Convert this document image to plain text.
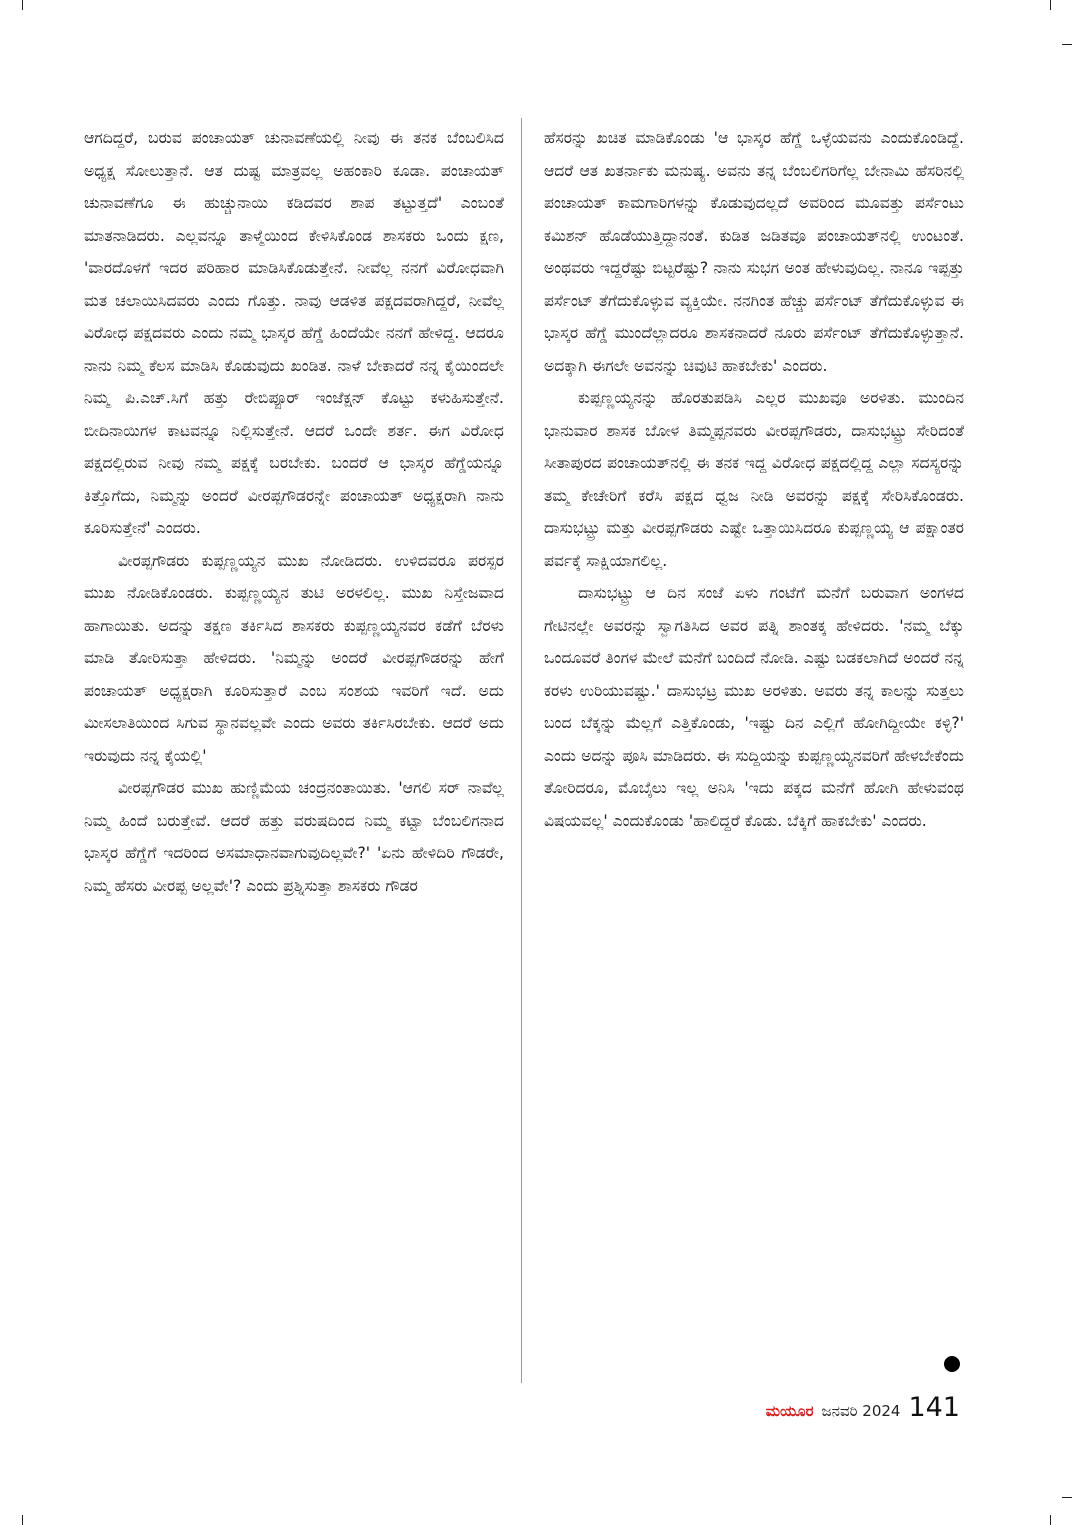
ಆಗದಿದ್ದರೆ, ಬರುವ ಪಂಚಾಯತ್ ಚುನಾವಣೆಯಲ್ಲಿ ನೀವು ಈ ತನಕ ಬೆಂಬಲಿಸಿದ ಅಧ್ಯಕ್ಷ ಸೋಲುತ್ತಾನೆ. ಆತ ದುಷ್ಟ ಮಾತ್ರವಲ್ಲ ಅಹಂಕಾರಿ ಕೂಡಾ. ಪಂಚಾಯತ್ ಚುನಾವಣೆಗೂ ಈ ಹುಚ್ಚುನಾಯಿ ಕಡಿದವರ ಶಾಪ ತಟ್ಟುತ್ತದೆ' ಎಂಬಂತೆ ಮಾತನಾಡಿದರು. ಎಲ್ಲವನ್ನೂ ತಾಳ್ಮೆಯಿಂದ ಕೇಳಿಸಿಕೊಂಡ ಶಾಸಕರು ಒಂದು ಕ್ಷಣ, 'ವಾರದೊಳಗೆ ಇದರ ಪರಿಹಾರ ಮಾಡಿಸಿಕೊಡುತ್ತೇನೆ. ನೀವೆಲ್ಲ ನನಗೆ ವಿರೋಧವಾಗಿ ಮತ ಚಲಾಯಿಸಿದವರು ಎಂದು ಗೊತ್ತು. ನಾವು ಆಡಳಿತ ಪಕ್ಷದವರಾಗಿದ್ದರೆ, ನೀವೆಲ್ಲ ವಿರೋಧ ಪಕ್ಷದವರು ಎಂದು ನಮ್ಮ ಭಾಸ್ಕರ ಹೆಗ್ಡೆ ಹಿಂದೆಯೇ ನನಗೆ ಹೇಳಿದ್ದ. ಆದರೂ ನಾನು ನಿಮ್ಮ ಕೆಲಸ ಮಾಡಿಸಿ ಕೊಡುವುದು ಖಂಡಿತ. ನಾಳೆ ಬೇಕಾದರೆ ನನ್ನ ಕೈಯಿಂದಲೇ ನಿಮ್ಮ ಪಿ.ಎಚ್.ಸಿಗೆ ಹತ್ತು ರೇಬಿಪ್ಪೂರ್ ಇಂಜೆಕ್ಷನ್ ಕೊಟ್ಟು ಕಳುಹಿಸುತ್ತೇನೆ. ಬೀದಿನಾಯಿಗಳ ಕಾಟವನ್ನೂ ನಿಲ್ಲಿಸುತ್ತೇನೆ. ಆದರೆ ಒಂದೇ ಶರ್ತ. ಈಗ ವಿರೋಧ ಪಕ್ಷದಲ್ಲಿರುವ ನೀವು ನಮ್ಮ ಪಕ್ಷಕ್ಕೆ ಬರಬೇಕು. ಬಂದರೆ ಆ ಭಾಸ್ಕರ ಹೆಗ್ಡೆಯನ್ನೂ ಕಿತ್ತೊಗೆದು, ನಿಮ್ಮನ್ನು ಅಂದರೆ ವೀರಪ್ಪಗೌಡರನ್ನೇ ಪಂಚಾಯತ್ ಅಧ್ಯಕ್ಷರಾಗಿ ನಾನು ಕೂರಿಸುತ್ತೇನೆ' ಎಂದರು.

ವೀರಪ್ಪಗೌಡರು ಕುಪ್ಪಣ್ಣಯ್ಯನ ಮುಖ ನೋಡಿದರು. ಉಳಿದವರೂ ಪರಸ್ಪರ ಮುಖ ನೋಡಿಕೊಂಡರು. ಕುಪ್ಪಣ್ಣಯ್ಯನ ತುಟಿ ಅರಳಲಿಲ್ಲ. ಮುಖ ನಿಸ್ತೇಜವಾದ ಹಾಗಾಯಿತು. ಅದನ್ನು ತಕ್ಷಣ ತರ್ಕಿಸಿದ ಶಾಸಕರು ಕುಪ್ಪಣ್ಣಯ್ಯನವರ ಕಡೆಗೆ ಬೆರಳು ಮಾಡಿ ತೋರಿಸುತ್ತಾ ಹೇಳಿದರು. 'ನಿಮ್ಮನ್ನು ಅಂದರೆ ವೀರಪ್ಪಗೌಡರನ್ನು ಹೇಗೆ ಪಂಚಾಯತ್ ಅಧ್ಯಕ್ಷರಾಗಿ ಕೂರಿಸುತ್ತಾರೆ ಎಂಬ ಸಂಶಯ ಇವರಿಗೆ ಇದೆ. ಅದು ಮೀಸಲಾತಿಯಿಂದ ಸಿಗುವ ಸ್ಥಾನವಲ್ಲವೇ ಎಂದು ಅವರು ತರ್ಕಿಸಿರಬೇಕು. ಆದರೆ ಅದು ಇರುವುದು ನನ್ನ ಕೈಯಲ್ಲಿ'

ವೀರಪ್ಪಗೌಡರ ಮುಖ ಹುಣ್ಣಿಮೆಯ ಚಂದ್ರನಂತಾಯಿತು. 'ಆಗಲಿ ಸರ್ ನಾವೆಲ್ಲ ನಿಮ್ಮ ಹಿಂದೆ ಬರುತ್ತೇವೆ. ಆದರೆ ಹತ್ತು ವರುಷದಿಂದ ನಿಮ್ಮ ಕಟ್ಟಾ ಬೆಂಬಲಿಗನಾದ ಭಾಸ್ಕರ ಹೆಗ್ಡೆಗೆ ಇದರಿಂದ ಅಸಮಾಧಾನವಾಗುವುದಿಲ್ಲವೇ?' 'ಏನು ಹೇಳಿದಿರಿ ಗೌಡರೇ, ನಿಮ್ಮ ಹೆಸರು ವೀರಪ್ಪ ಅಲ್ಲವೇ'? ಎಂದು ಪ್ರಶ್ನಿಸುತ್ತಾ ಶಾಸಕರು ಗೌಡರ

ಹೆಸರನ್ನು ಖಚಿತ ಮಾಡಿಕೊಂಡು 'ಆ ಭಾಸ್ಕರ ಹೆಗ್ಡೆ ಒಳ್ಳೆಯವನು ಎಂದುಕೊಂಡಿದ್ದೆ. ಆದರೆ ಆತ ಖತರ್ನಾಕು ಮನುಷ್ಯ. ಅವನು ತನ್ನ ಬೆಂಬಲಿಗರಿಗೆಲ್ಲ ಬೇನಾಮಿ ಹೆಸರಿನಲ್ಲಿ ಪಂಚಾಯತ್ ಕಾಮಗಾರಿಗಳನ್ನು ಕೊಡುವುದಲ್ಲದೆ ಅವರಿಂದ ಮೂವತ್ತು ಪರ್ಸೆಂಟು ಕಮಿಶನ್ ಹೊಡೆಯುತ್ತಿದ್ದಾನಂತೆ. ಕುಡಿತ ಜಡಿತವೂ ಪಂಚಾಯತ್‌ನಲ್ಲಿ ಉಂಟಂತೆ. ಅಂಥವರು ಇದ್ದರೆಷ್ಟು ಬಿಟ್ಟರೆಷ್ಟು? ನಾನು ಸುಭಗ ಅಂತ ಹೇಳುವುದಿಲ್ಲ. ನಾನೂ ಇಪ್ಪತ್ತು ಪರ್ಸೆಂಟ್ ತೆಗೆದುಕೊಳ್ಳುವ ವ್ಯಕ್ತಿಯೇ. ನನಗಿಂತ ಹೆಚ್ಚು ಪರ್ಸೆಂಟ್ ತೆಗೆದುಕೊಳ್ಳುವ ಈ ಭಾಸ್ಕರ ಹೆಗ್ಡೆ ಮುಂದೆಲ್ಲಾದರೂ ಶಾಸಕನಾದರೆ ನೂರು ಪರ್ಸೆಂಟ್ ತೆಗೆದುಕೊಳ್ಳುತ್ತಾನೆ. ಅದಕ್ಕಾಗಿ ಈಗಲೇ ಅವನನ್ನು ಚಿವುಟಿ ಹಾಕಬೇಕು' ಎಂದರು.

ಕುಪ್ಪಣ್ಣಯ್ಯನನ್ನು ಹೊರತುಪಡಿಸಿ ಎಲ್ಲರ ಮುಖವೂ ಅರಳಿತು. ಮುಂದಿನ ಭಾನುವಾರ ಶಾಸಕ ಬೋಳ ತಿಮ್ಮಪ್ಪನವರು ವೀರಪ್ಪಗೌಡರು, ದಾಸುಭಟ್ಟ್ರು ಸೇರಿದಂತೆ ಸೀತಾಪುರದ ಪಂಚಾಯತ್‌ನಲ್ಲಿ ಈ ತನಕ ಇದ್ದ ವಿರೋಧ ಪಕ್ಷದಲ್ಲಿದ್ದ ಎಲ್ಲಾ ಸದಸ್ಯರನ್ನು ತಮ್ಮ ಕೇಚೇರಿಗೆ ಕರೆಸಿ ಪಕ್ಷದ ಧ್ವಜ ನೀಡಿ ಅವರನ್ನು ಪಕ್ಷಕ್ಕೆ ಸೇರಿಸಿಕೊಂಡರು. ದಾಸುಭಟ್ಟ್ರು ಮತ್ತು ವೀರಪ್ಪಗೌಡರು ಎಷ್ಟೇ ಒತ್ತಾಯಿಸಿದರೂ ಕುಪ್ಪಣ್ಣಯ್ಯ ಆ ಪಕ್ಷಾಂತರ ಪರ್ವಕ್ಕೆ ಸಾಕ್ಷಿಯಾಗಲಿಲ್ಲ.

ದಾಸುಭಟ್ಟ್ರು ಆ ದಿನ ಸಂಜೆ ಏಳು ಗಂಟೆಗೆ ಮನೆಗೆ ಬರುವಾಗ ಅಂಗಳದ ಗೇಟಿನಲ್ಲೇ ಅವರನ್ನು ಸ್ವಾಗತಿಸಿದ ಅವರ ಪತ್ನಿ ಶಾಂತಕ್ಕ ಹೇಳಿದರು. 'ನಮ್ಮ ಬೆಕ್ಕು ಒಂದೂವರೆ ತಿಂಗಳ ಮೇಲೆ ಮನೆಗೆ ಬಂದಿದೆ ನೋಡಿ. ಎಷ್ಟು ಬಡಕಲಾಗಿದೆ ಅಂದರೆ ನನ್ನ ಕರಳು ಉರಿಯುವಷ್ಟು.' ದಾಸುಭಟ್ರ ಮುಖ ಅರಳಿತು. ಅವರು ತನ್ನ ಕಾಲನ್ನು ಸುತ್ತಲು ಬಂದ ಬೆಕ್ಕನ್ನು ಮೆಲ್ಲಗೆ ಎತ್ತಿಕೊಂಡು, 'ಇಷ್ಟು ದಿನ ಎಲ್ಲಿಗೆ ಹೋಗಿದ್ದೀಯೇ ಕಳ್ಳಿ?' ಎಂದು ಅದನ್ನು ಪೂಸಿ ಮಾಡಿದರು. ಈ ಸುದ್ದಿಯನ್ನು ಕುಪ್ಪಣ್ಣಯ್ಯನವರಿಗೆ ಹೇಳಬೇಕೆಂದು ತೋರಿದರೂ, ಮೊಬೈಲು ಇಲ್ಲ ಅನಿಸಿ 'ಇದು ಪಕ್ಕದ ಮನೆಗೆ ಹೋಗಿ ಹೇಳುವಂಥ ವಿಷಯವಲ್ಲ' ಎಂದುಕೊಂಡು 'ಹಾಲಿದ್ದರೆ ಕೊಡು. ಬೆಕ್ಕಿಗೆ ಹಾಕಬೇಕು' ಎಂದರು.

ಮಯೂರ ಜನವರಿ 2024 141
